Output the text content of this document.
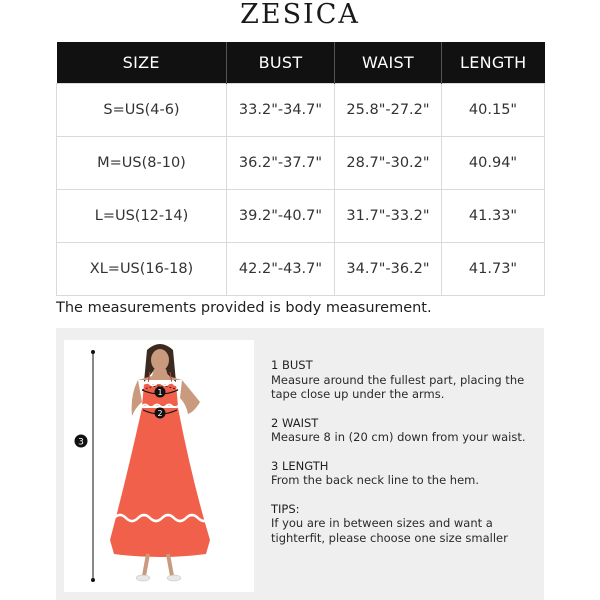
ZESICA
SIZE	BUST	WAIST	LENGTH
S=US(4-6)	33.2"-34.7"	25.8"-27.2"	40.15"
M=US(8-10)	36.2"-37.7"	28.7"-30.2"	40.94"
L=US(12-14)	39.2"-40.7"	31.7"-33.2"	41.33"
XL=US(16-18)	42.2"-43.7"	34.7"-36.2"	41.73"
The measurements provided is body measurement.
3
1
2
1 BUST
Measure around the fullest part, placing the tape close up under the arms.
2 WAIST
Measure 8 in (20 cm) down from your waist.
3 LENGTH
From the back neck line to the hem.
TIPS:
If you are in between sizes and want a tighterfit, please choose one size smaller
